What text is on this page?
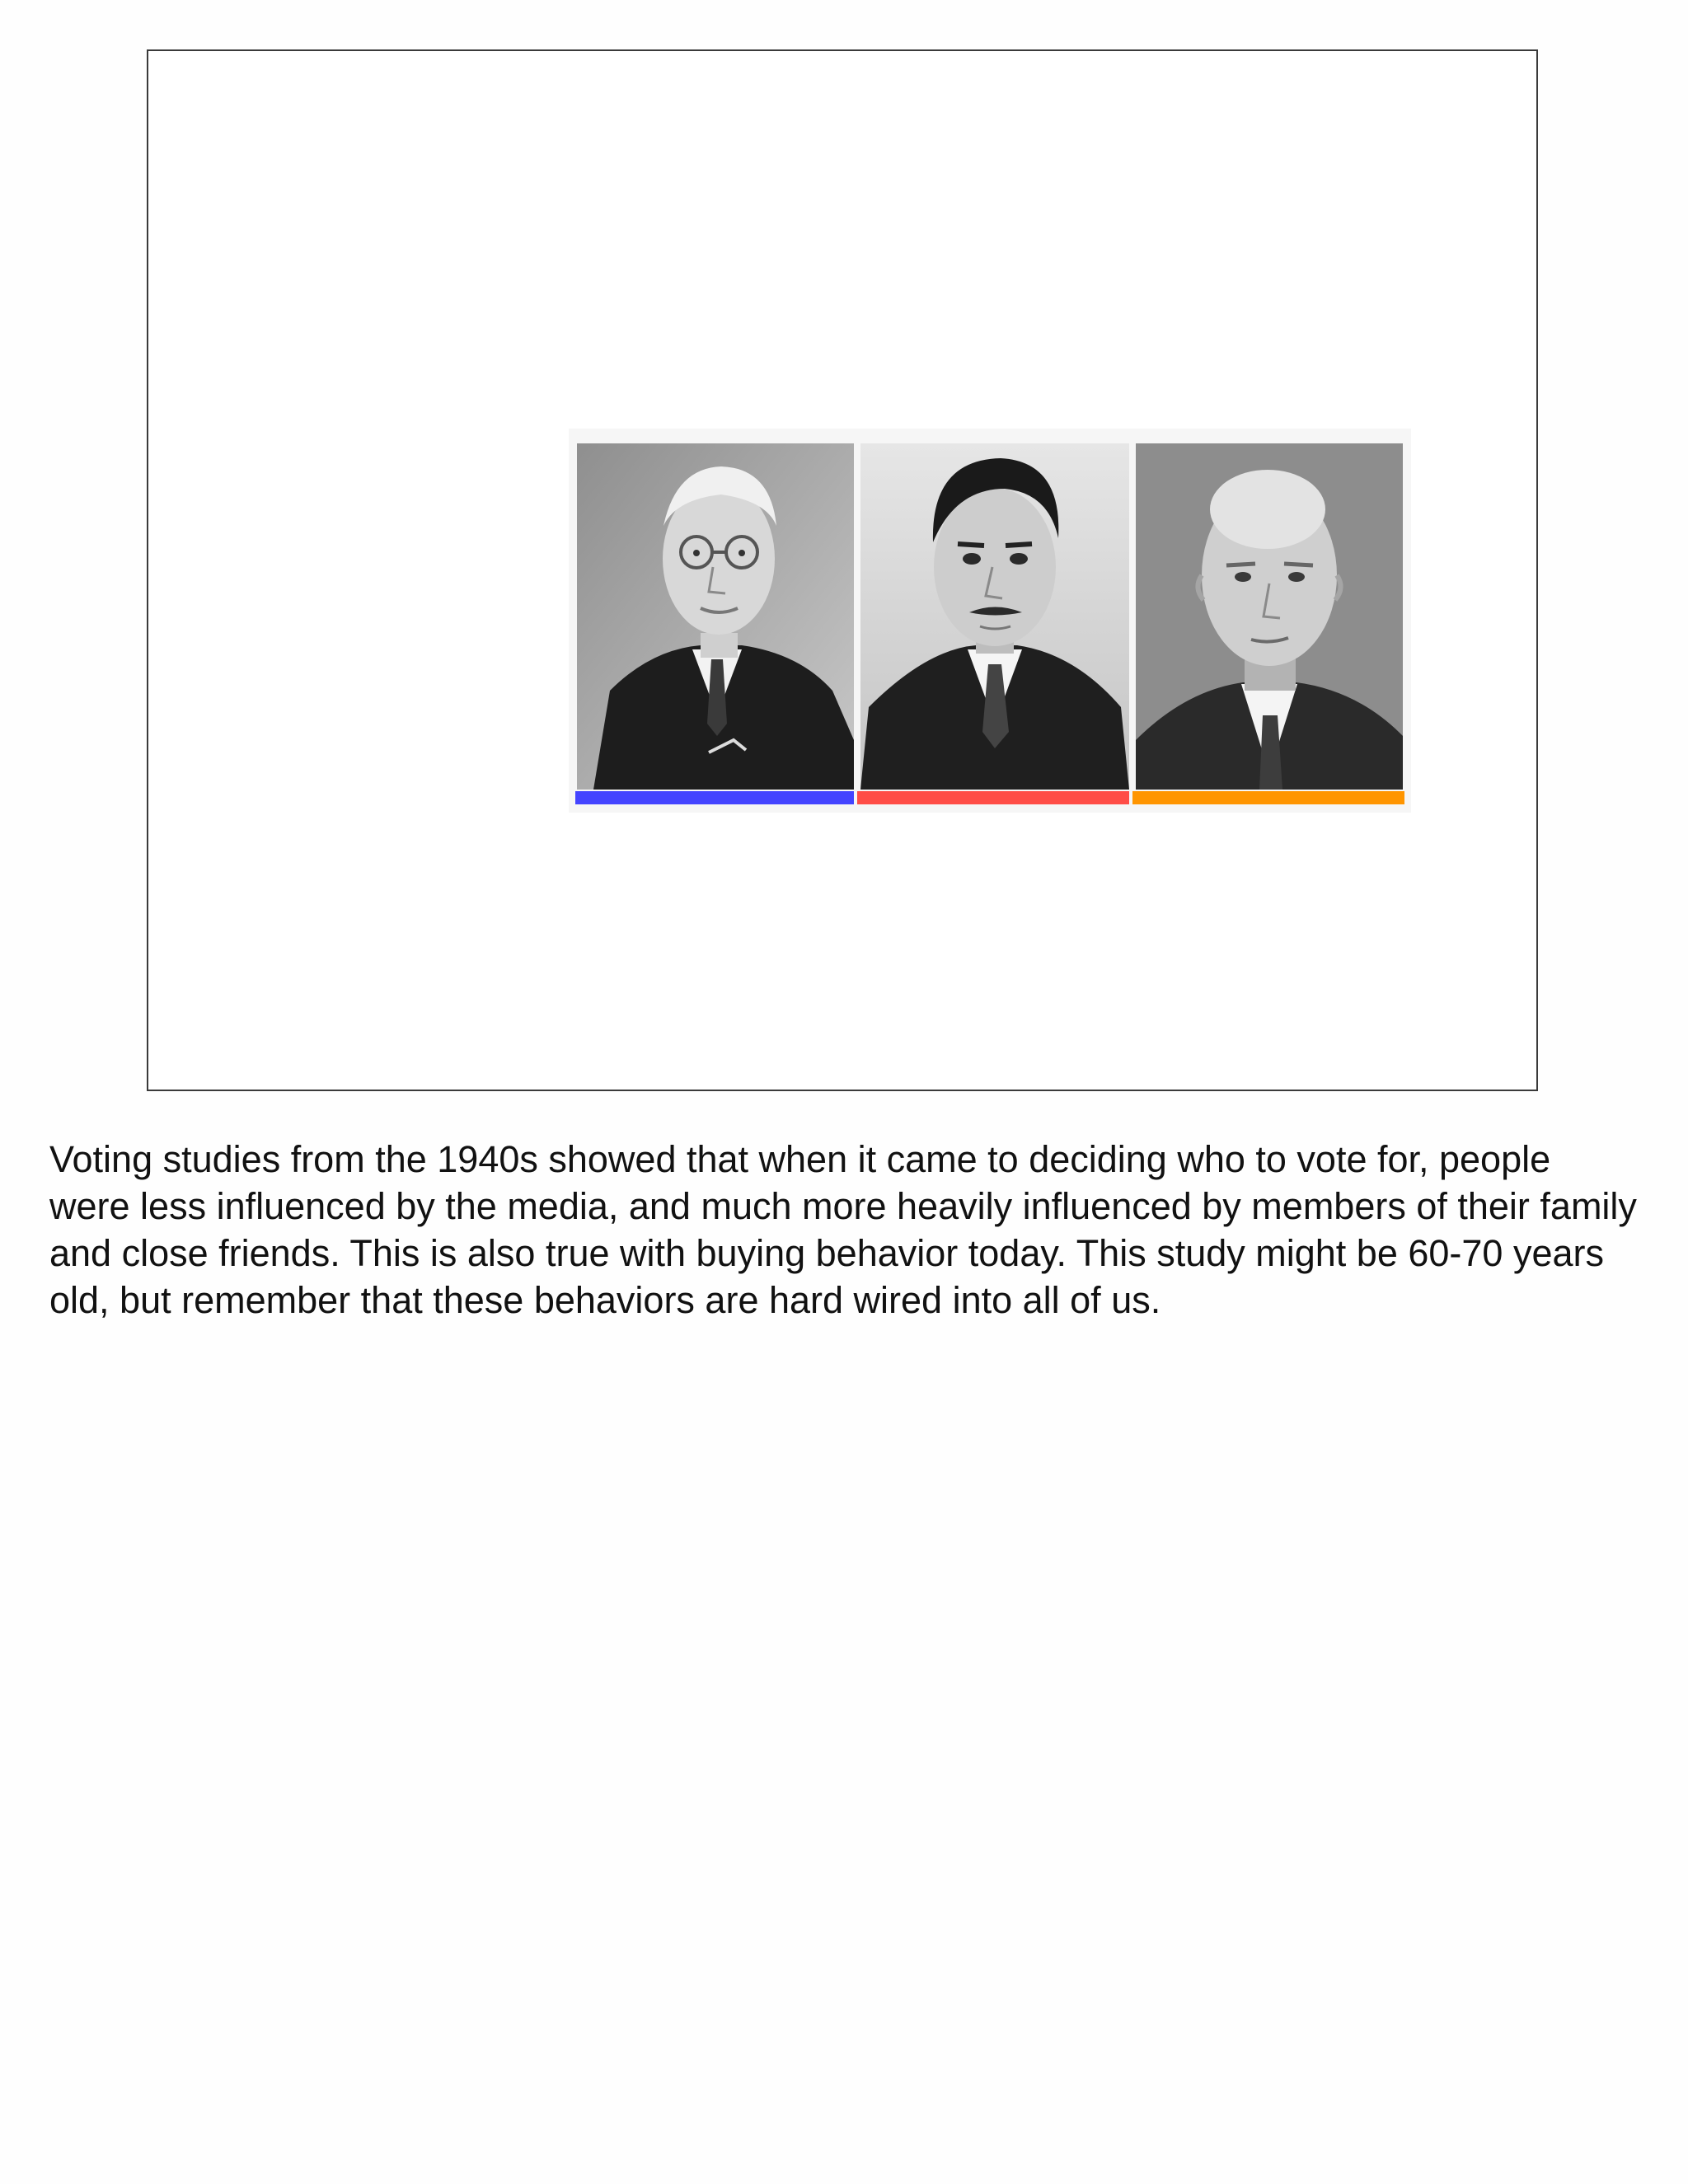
Voting studies from the 1940s showed that when it came to deciding who to vote for, people were less influenced by the media, and much more heavily influenced by members of their family and close friends. This is also true with buying behavior today. This study might be 60-70 years old, but remember that these behaviors are hard wired into all of us.
